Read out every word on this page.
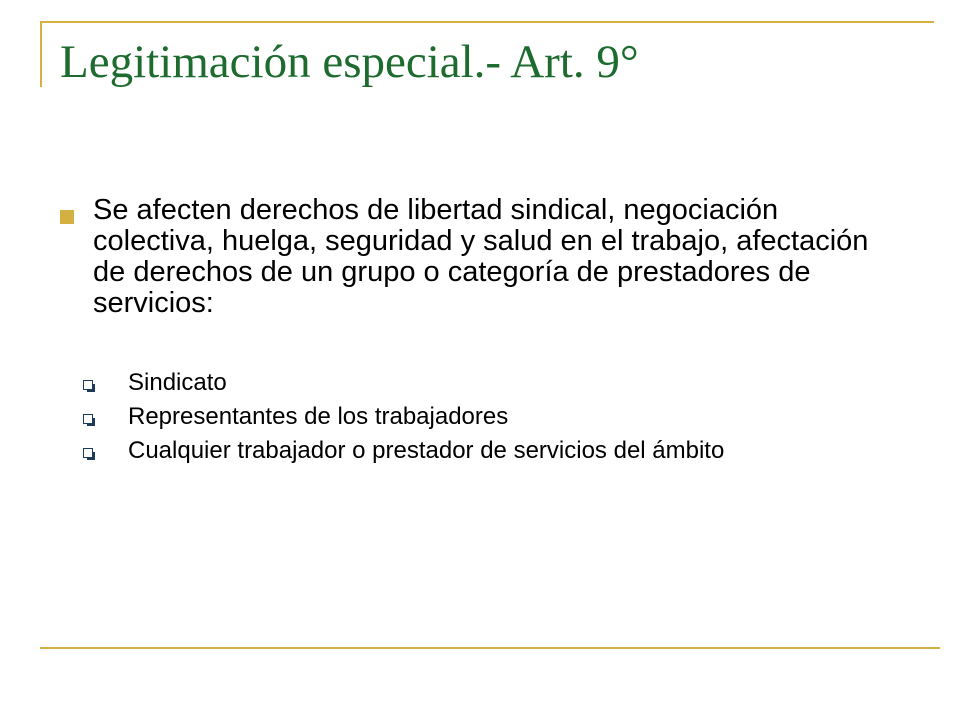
Legitimación especial.- Art. 9°
Se afecten derechos de libertad sindical, negociación colectiva, huelga, seguridad y salud en el trabajo, afectación de derechos de un grupo o categoría de prestadores de servicios:
Sindicato
Representantes de los trabajadores
Cualquier trabajador o prestador de servicios del ámbito
